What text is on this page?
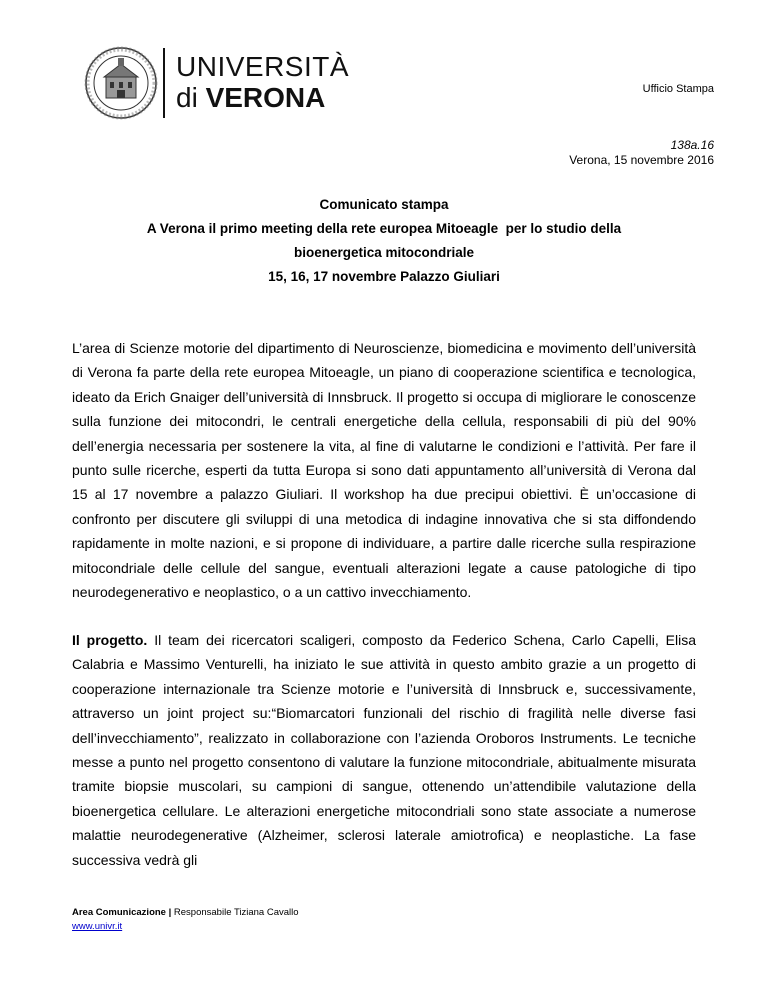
UNIVERSITÀ
di VERONA	Ufficio Stampa
138a.16
Verona, 15 novembre 2016
Comunicato stampa
A Verona il primo meeting della rete europea Mitoeagle  per lo studio della
bioenergetica mitocondriale
15, 16, 17 novembre Palazzo Giuliari
L’area di Scienze motorie del dipartimento di Neuroscienze, biomedicina e movimento dell’università di Verona fa parte della rete europea Mitoeagle, un piano di cooperazione scientifica e tecnologica, ideato da Erich Gnaiger dell’università di Innsbruck. Il progetto si occupa di migliorare le conoscenze sulla funzione dei mitocondri, le centrali energetiche della cellula, responsabili di più del 90% dell’energia necessaria per sostenere la vita, al fine di valutarne le condizioni e l’attività. Per fare il punto sulle ricerche, esperti da tutta Europa si sono dati appuntamento all’università di Verona dal 15 al 17 novembre a palazzo Giuliari. Il workshop ha due precipui obiettivi. È un’occasione di confronto per discutere gli sviluppi di una metodica di indagine innovativa che si sta diffondendo rapidamente in molte nazioni, e si propone di individuare, a partire dalle ricerche sulla respirazione mitocondriale delle cellule del sangue, eventuali alterazioni legate a cause patologiche di tipo neurodegenerativo e neoplastico, o a un cattivo invecchiamento.
Il progetto. Il team dei ricercatori scaligeri, composto da Federico Schena, Carlo Capelli, Elisa Calabria e Massimo Venturelli, ha iniziato le sue attività in questo ambito grazie a un progetto di cooperazione internazionale tra Scienze motorie e l’università di Innsbruck e, successivamente, attraverso un joint project su:“Biomarcatori funzionali del rischio di fragilità nelle diverse fasi dell’invecchiamento”, realizzato in collaborazione con l’azienda Oroboros Instruments. Le tecniche messe a punto nel progetto consentono di valutare la funzione mitocondriale, abitualmente misurata tramite biopsie muscolari, su campioni di sangue, ottenendo un’attendibile valutazione della bioenergetica cellulare. Le alterazioni energetiche mitocondriali sono state associate a numerose malattie neurodegenerative (Alzheimer, sclerosi laterale amiotrofica) e neoplastiche. La fase successiva vedrà gli
Area Comunicazione | Responsabile Tiziana Cavallo
www.univr.it
